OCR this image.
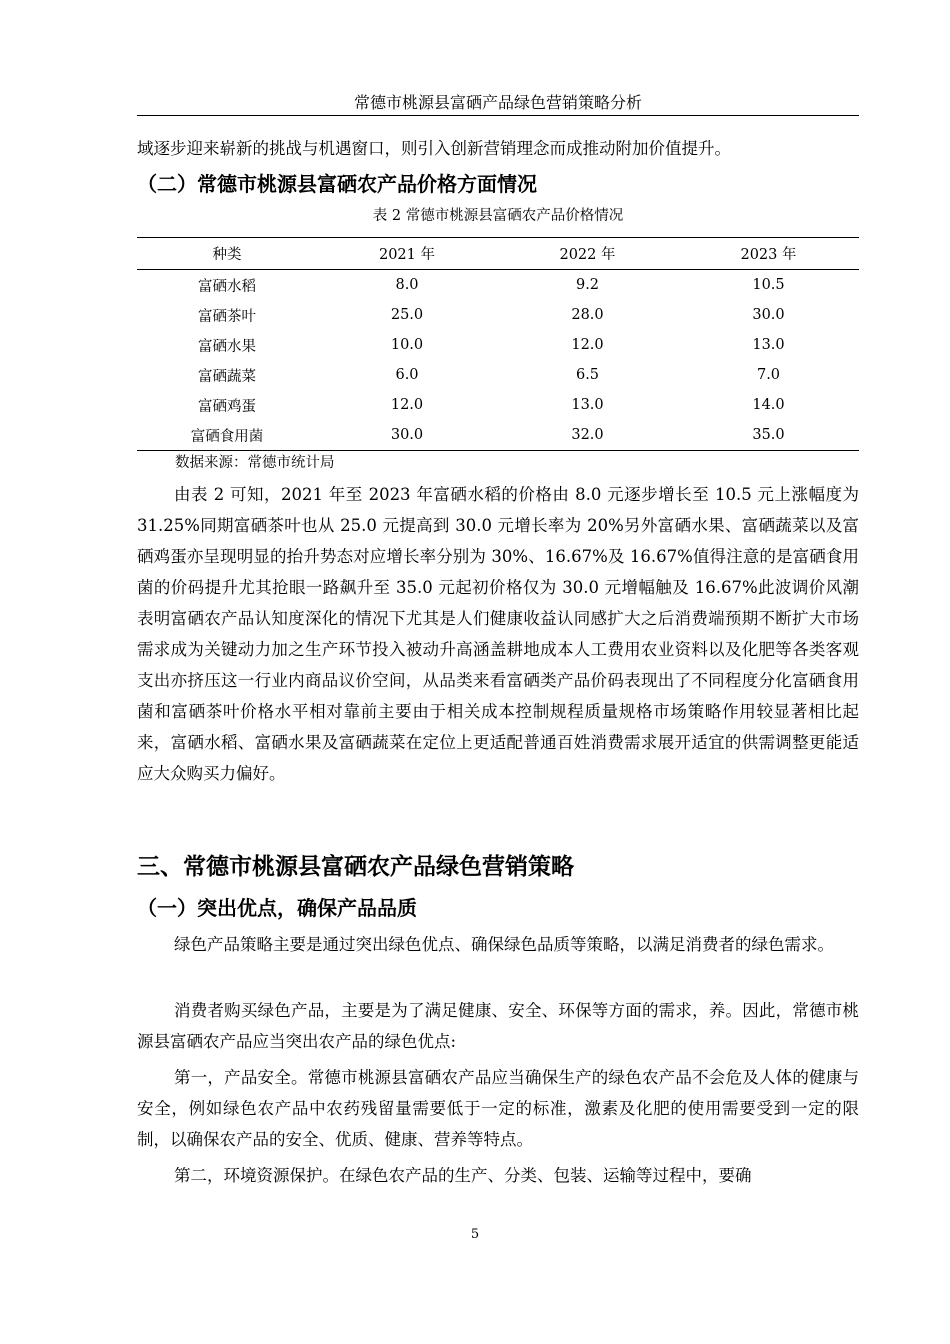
常德市桃源县富硒产品绿色营销策略分析
域逐步迎来崭新的挑战与机遇窗口，则引入创新营销理念而成推动附加价值提升。
（二）常德市桃源县富硒农产品价格方面情况
表 2 常德市桃源县富硒农产品价格情况
种类	2021 年	2022 年	2023 年
富硒水稻	8.0	9.2	10.5
富硒茶叶	25.0	28.0	30.0
富硒水果	10.0	12.0	13.0
富硒蔬菜	6.0	6.5	7.0
富硒鸡蛋	12.0	13.0	14.0
富硒食用菌	30.0	32.0	35.0
数据来源：常德市统计局
由表 2 可知，2021 年至 2023 年富硒水稻的价格由 8.0 元逐步增长至 10.5 元上涨幅度为 31.25%同期富硒茶叶也从 25.0 元提高到 30.0 元增长率为 20%另外富硒水果、富硒蔬菜以及富硒鸡蛋亦呈现明显的抬升势态对应增长率分别为 30%、16.67%及 16.67%值得注意的是富硒食用菌的价码提升尤其抢眼一路飙升至 35.0 元起初价格仅为 30.0 元增幅触及 16.67%此波调价风潮表明富硒农产品认知度深化的情况下尤其是人们健康收益认同感扩大之后消费端预期不断扩大市场需求成为关键动力加之生产环节投入被动升高涵盖耕地成本人工费用农业资料以及化肥等各类客观支出亦挤压这一行业内商品议价空间，从品类来看富硒类产品价码表现出了不同程度分化富硒食用菌和富硒茶叶价格水平相对靠前主要由于相关成本控制规程质量规格市场策略作用较显著相比起来，富硒水稻、富硒水果及富硒蔬菜在定位上更适配普通百姓消费需求展开适宜的供需调整更能适应大众购买力偏好。
三、常德市桃源县富硒农产品绿色营销策略
（一）突出优点，确保产品品质
绿色产品策略主要是通过突出绿色优点、确保绿色品质等策略，以满足消费者的绿色需求。
消费者购买绿色产品，主要是为了满足健康、安全、环保等方面的需求，养。因此，常德市桃源县富硒农产品应当突出农产品的绿色优点:
第一，产品安全。常德市桃源县富硒农产品应当确保生产的绿色农产品不会危及人体的健康与安全，例如绿色农产品中农药残留量需要低于一定的标准，激素及化肥的使用需要受到一定的限制，以确保农产品的安全、优质、健康、营养等特点。
第二，环境资源保护。在绿色农产品的生产、分类、包装、运输等过程中，要确
5
